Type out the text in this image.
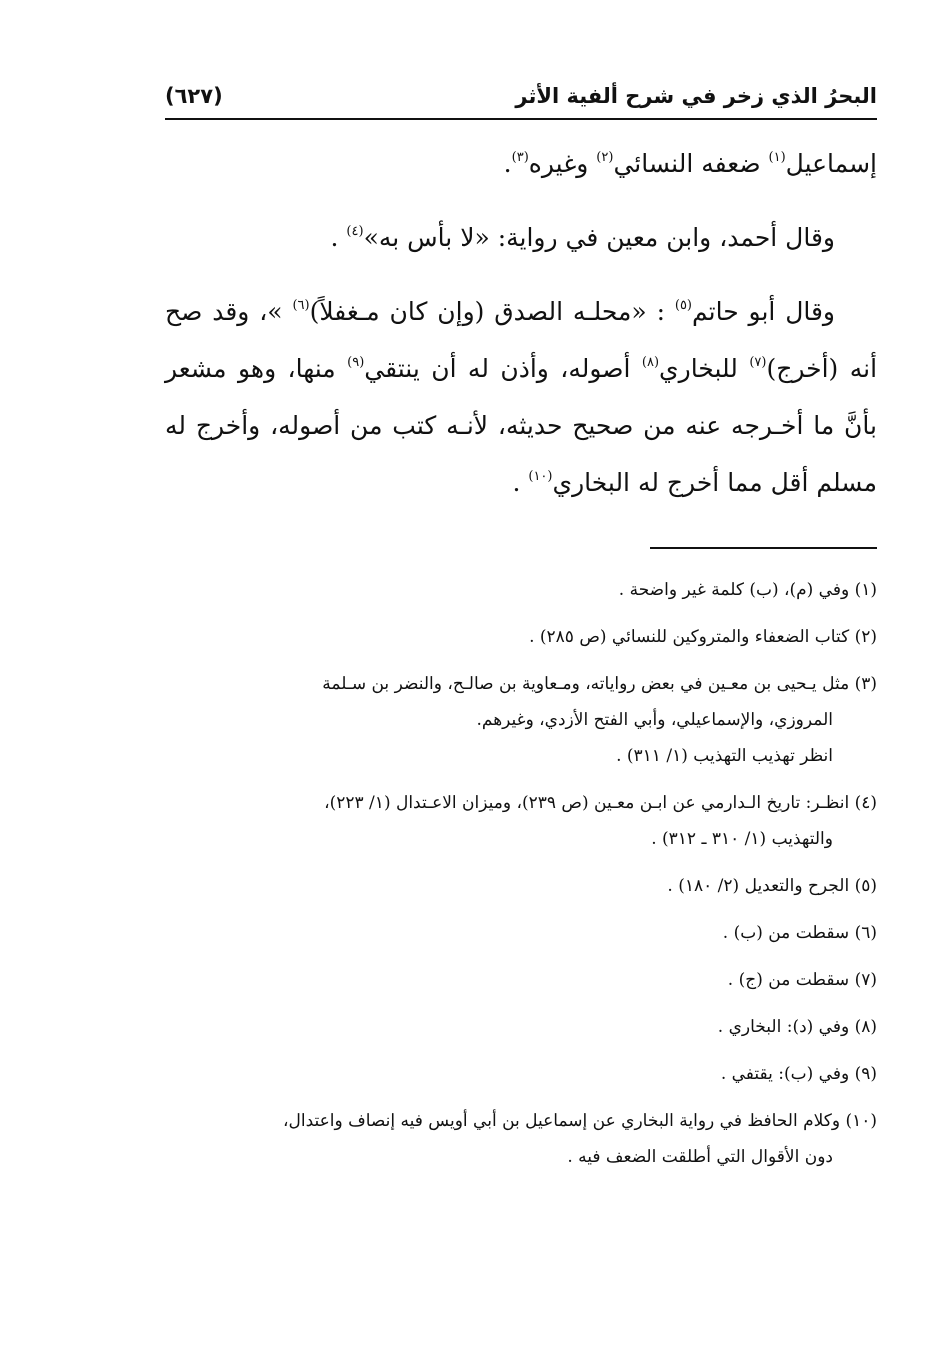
البحرُ الذي زخر في شرح ألفية الأثر
(٦٢٧)

إسماعيل$^{(١)}$ ضعفه النسائي$^{(٢)}$ وغيره$^{(٣)}$.

وقال أحمد، وابن معين في رواية: «لا بأس به»$^{(٤)}$ .

وقال أبو حاتم$^{(٥)}$ : «محلـه الصدق (وإن كان مـغفلاً)$^{(٦)}$ »، وقد صح أنه (أخرج)$^{(٧)}$ للبخاري$^{(٨)}$ أصوله، وأذن له أن ينتقي$^{(٩)}$ منها، وهو مشعر بأنَّ ما أخـرجه عنه من صحيح حديثه، لأنـه كتب من أصوله، وأخرج له مسلم أقل مما أخرج له البخاري$^{(١٠)}$ .

(١) وفي (م)، (ب) كلمة غير واضحة .
(٢) كتاب الضعفاء والمتروكين للنسائي (ص ٢٨٥) .
(٣) مثل يـحيى بن معـين في بعض رواياته، ومـعاوية بن صالـح، والنضر بن سـلمة
المروزي، والإسماعيلي، وأبي الفتح الأزدي، وغيرهم.
انظر تهذيب التهذيب (١/ ٣١١) .
(٤) انظـر: تاريخ الـدارمي عن ابـن معـين (ص ٢٣٩)، وميزان الاعـتدال (١/ ٢٢٣)،
والتهذيب (١/ ٣١٠ ـ ٣١٢) .
(٥) الجرح والتعديل (٢/ ١٨٠) .
(٦) سقطت من (ب) .
(٧) سقطت من (ج) .
(٨) وفي (د): البخاري .
(٩) وفي (ب): يقتفي .
(١٠) وكلام الحافظ في رواية البخاري عن إسماعيل بن أبي أويس فيه إنصاف واعتدال،
دون الأقوال التي أطلقت الضعف فيه .
